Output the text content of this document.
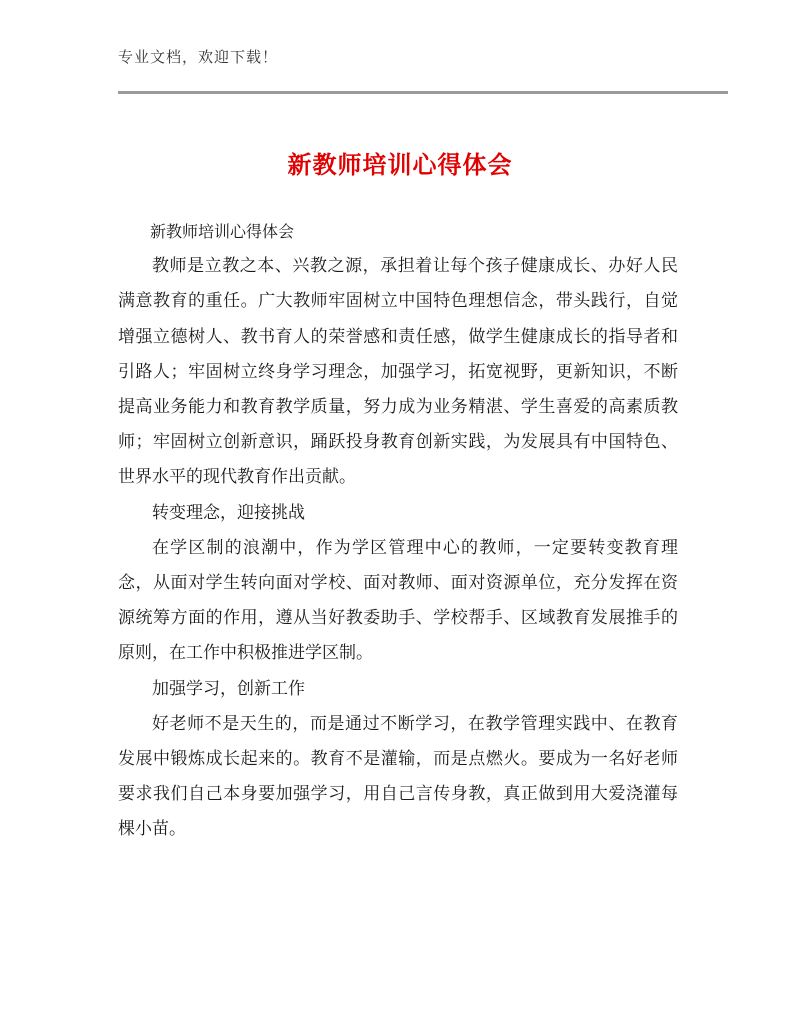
专业文档，欢迎下载！
新教师培训心得体会

新教师培训心得体会

教师是立教之本、兴教之源，承担着让每个孩子健康成长、办好人民满意教育的重任。广大教师牢固树立中国特色理想信念，带头践行，自觉增强立德树人、教书育人的荣誉感和责任感，做学生健康成长的指导者和引路人；牢固树立终身学习理念，加强学习，拓宽视野，更新知识，不断提高业务能力和教育教学质量，努力成为业务精湛、学生喜爱的高素质教师；牢固树立创新意识，踊跃投身教育创新实践，为发展具有中国特色、世界水平的现代教育作出贡献。

转变理念，迎接挑战

在学区制的浪潮中，作为学区管理中心的教师，一定要转变教育理念，从面对学生转向面对学校、面对教师、面对资源单位，充分发挥在资源统筹方面的作用，遵从当好教委助手、学校帮手、区域教育发展推手的原则，在工作中积极推进学区制。

加强学习，创新工作

好老师不是天生的，而是通过不断学习，在教学管理实践中、在教育发展中锻炼成长起来的。教育不是灌输，而是点燃火。要成为一名好老师要求我们自己本身要加强学习，用自己言传身教，真正做到用大爱浇灌每棵小苗。
